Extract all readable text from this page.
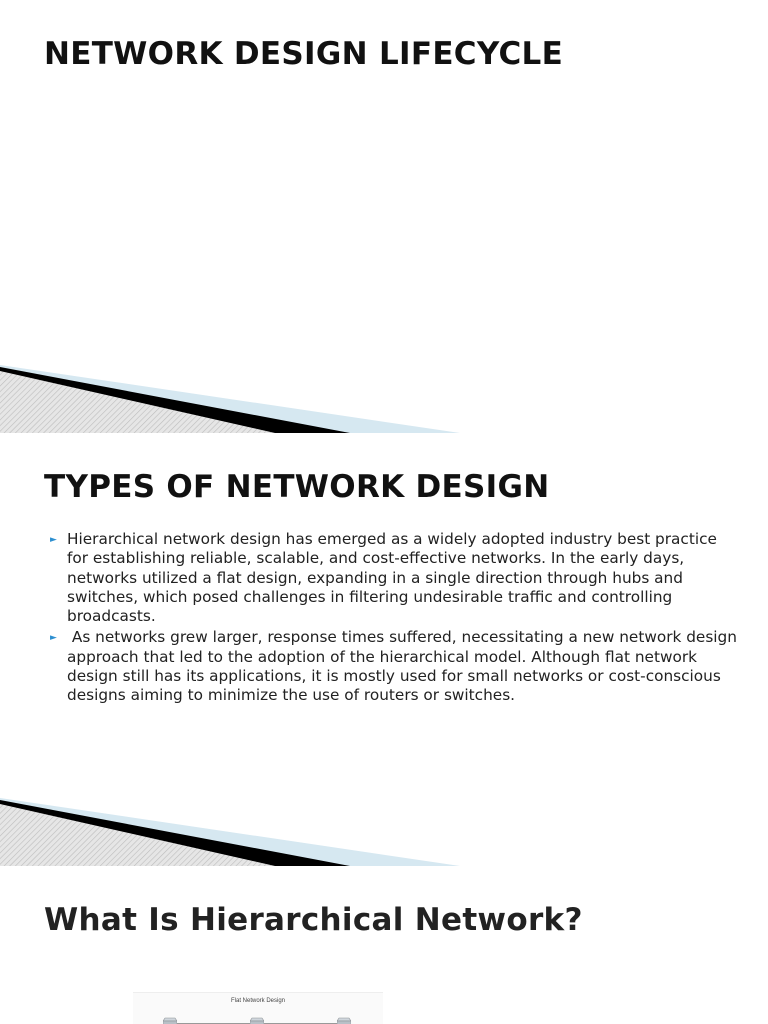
NETWORK DESIGN LIFECYCLE
TYPES OF NETWORK DESIGN
► Hierarchical network design has emerged as a widely adopted industry best practice for establishing reliable, scalable, and cost-effective networks. In the early days, networks utilized a flat design, expanding in a single direction through hubs and switches, which posed challenges in filtering undesirable traffic and controlling broadcasts.
► As networks grew larger, response times suffered, necessitating a new network design approach that led to the adoption of the hierarchical model. Although flat network design still has its applications, it is mostly used for small networks or cost-conscious designs aiming to minimize the use of routers or switches.
What Is Hierarchical Network?
Flat Network Design
